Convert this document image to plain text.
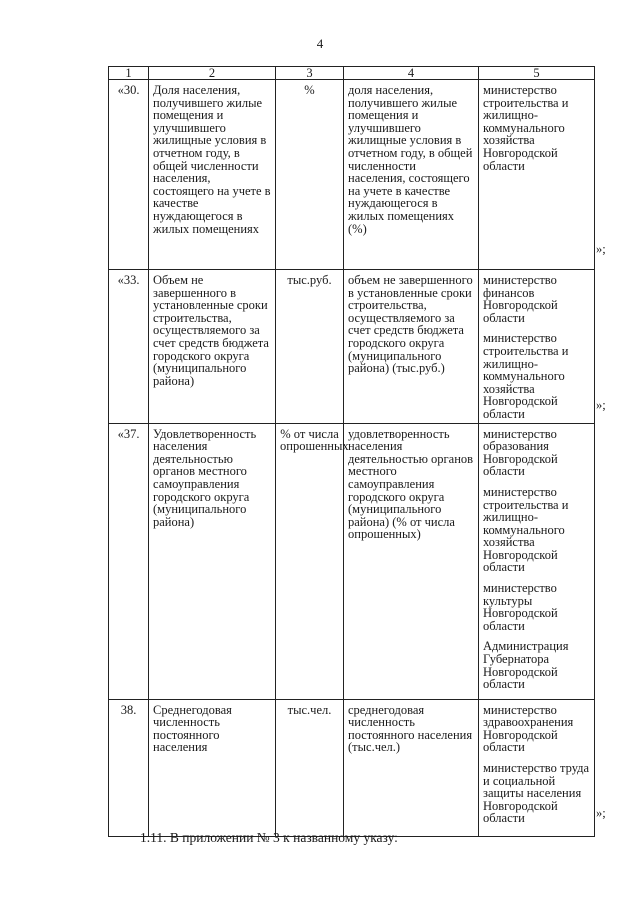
4
1	2	3	4	5
«30.	Доля населения, получившего жилые помещения и улучшившего жилищные условия в отчетном году, в общей численности населения, состоящего на учете в качестве нуждающегося в жилых помещениях	%	доля населения, получившего жилые помещения и улучшившего жилищные условия в отчетном году, в общей численности населения, состоящего на учете в качестве нуждающегося в жилых помещениях (%)	министерство строительства и жилищно-коммунального хозяйства Новгородской области

«33.	Объем не завершенного в установленные сроки строительства, осуществляемого за счет средств бюджета городского округа (муниципального района)	тыс.руб.	объем не завершенного в установленные сроки строительства, осуществляемого за счет средств бюджета городского округа (муниципального района) (тыс.руб.)	министерство финансов Новгородской области

министерство строительства и жилищно-коммунального хозяйства Новгородской области

«37.	Удовлетворенность населения деятельностью органов местного самоуправления городского округа (муниципального района)	% от числа опрошенных	удовлетворенность населения деятельностью органов местного самоуправления городского округа (муниципального района) (% от числа опрошенных)	министерство образования Новгородской области

министерство строительства и жилищно-коммунального хозяйства Новгородской области

министерство культуры Новгородской области

Администрация Губернатора Новгородской области

38.	Среднегодовая численность постоянного населения	тыс.чел.	среднегодовая численность постоянного населения (тыс.чел.)	министерство здравоохранения Новгородской области

министерство труда и социальной защиты населения Новгородской области

»;
»;
»;
1.11. В приложении № 3 к названному указу:
